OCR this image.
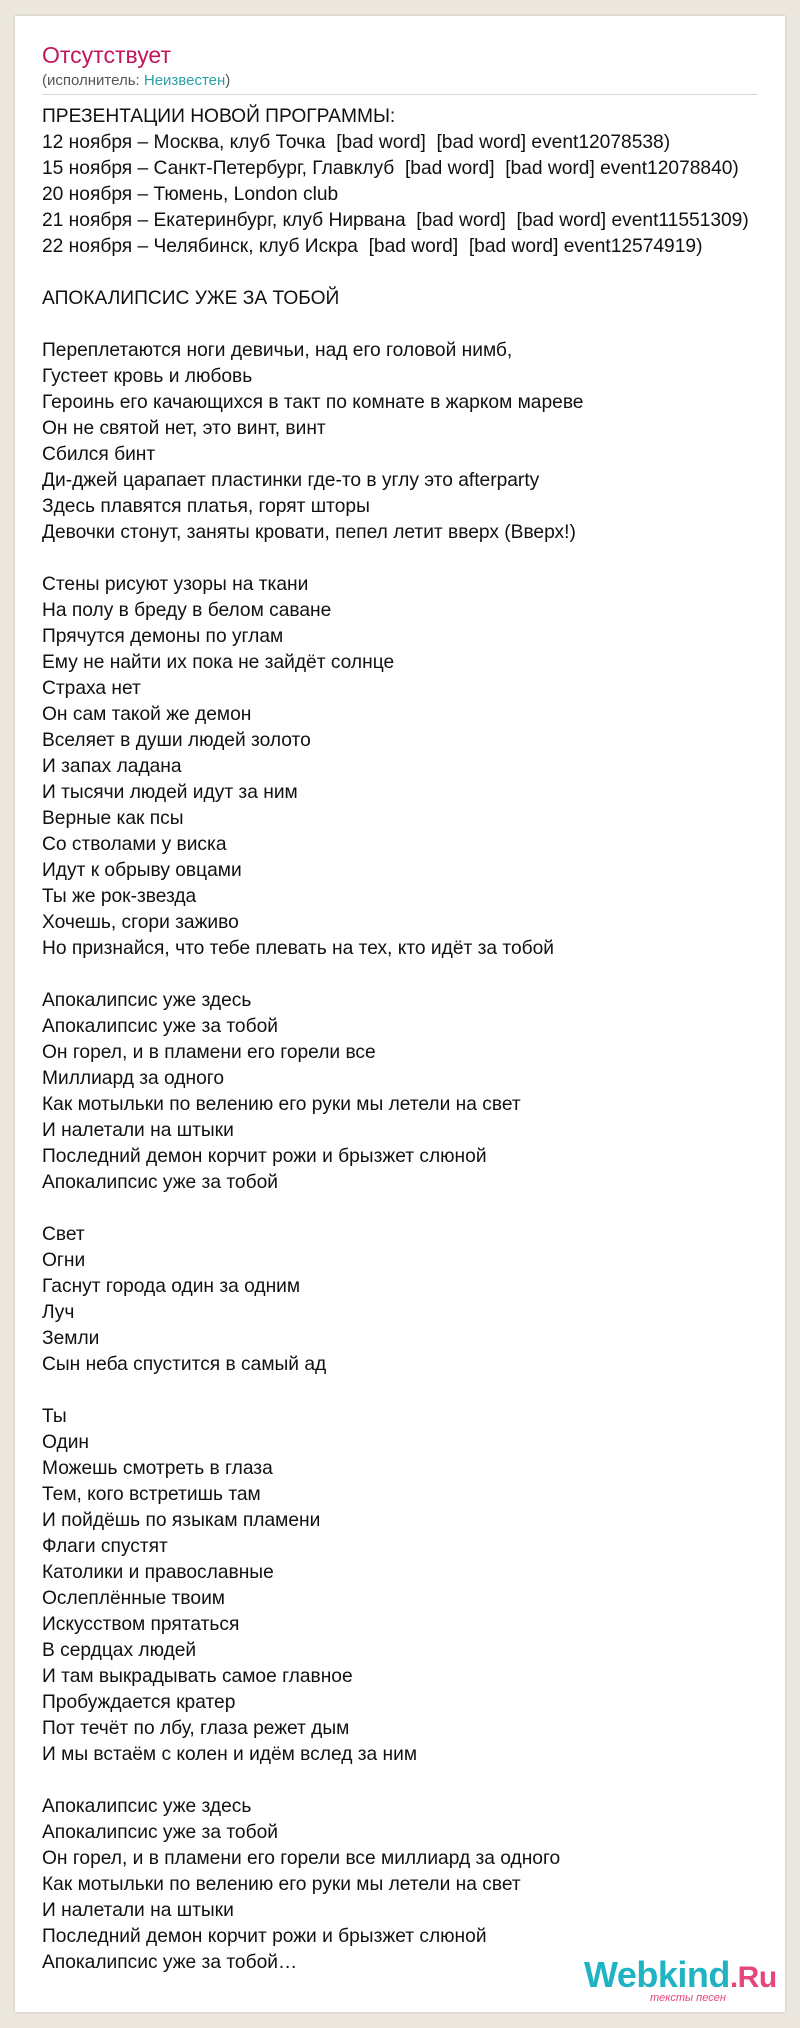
Отсутствует
(исполнитель: Неизвестен)
ПРЕЗЕНТАЦИИ НОВОЙ ПРОГРАММЫ:
12 ноября – Москва, клуб Точка  [bad word]  [bad word] event12078538)
15 ноября – Санкт-Петербург, Главклуб  [bad word]  [bad word] event12078840)
20 ноября – Тюмень, London club
21 ноября – Екатеринбург, клуб Нирвана  [bad word]  [bad word] event11551309)
22 ноября – Челябинск, клуб Искра  [bad word]  [bad word] event12574919)
АПОКАЛИПСИС УЖЕ ЗА ТОБОЙ
Переплетаются ноги девичьи, над его головой нимб,
Густеет кровь и любовь
Героинь его качающихся в такт по комнате в жарком мареве
Он не святой нет, это винт, винт
Сбился бинт
Ди-джей царапает пластинки где-то в углу это afterparty
Здесь плавятся платья, горят шторы
Девочки стонут, заняты кровати, пепел летит вверх (Вверх!)
Стены рисуют узоры на ткани
На полу в бреду в белом саване
Прячутся демоны по углам
Ему не найти их пока не зайдёт солнце
Страха нет
Он сам такой же демон
Вселяет в души людей золото
И запах ладана
И тысячи людей идут за ним
Верные как псы
Со стволами у виска
Идут к обрыву овцами
Ты же рок-звезда
Хочешь, сгори заживо
Но признайся, что тебе плевать на тех, кто идёт за тобой
Апокалипсис уже здесь
Апокалипсис уже за тобой
Он горел, и в пламени его горели все
Миллиард за одного
Как мотыльки по велению его руки мы летели на свет
И налетали на штыки
Последний демон корчит рожи и брызжет слюной
Апокалипсис уже за тобой
Свет
Огни
Гаснут города один за одним
Луч
Земли
Сын неба спустится в самый ад
Ты
Один
Можешь смотреть в глаза
Тем, кого встретишь там
И пойдёшь по языкам пламени
Флаги спустят
Католики и православные
Ослеплённые твоим
Искусством прятаться
В сердцах людей
И там выкрадывать самое главное
Пробуждается кратер
Пот течёт по лбу, глаза режет дым
И мы встаём с колен и идём вслед за ним
Апокалипсис уже здесь
Апокалипсис уже за тобой
Он горел, и в пламени его горели все миллиард за одного
Как мотыльки по велению его руки мы летели на свет
И налетали на штыки
Последний демон корчит рожи и брызжет слюной
Апокалипсис уже за тобой…	Webkind.Ru
тексты песен
